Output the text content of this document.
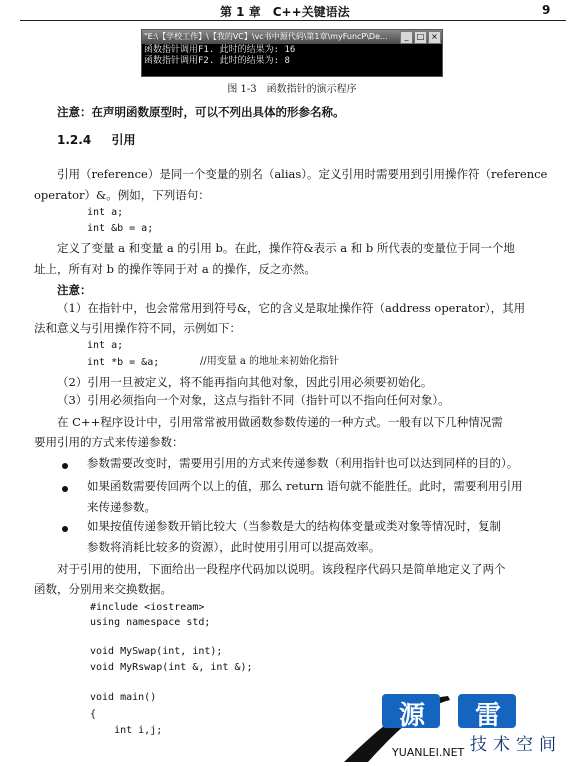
第 1 章　C++关键语法	9
"E:\【学校工作】\【我的VC】\vc书中源代码\第1章\myFuncP\De...	_	□ ×
函数指针调用F1. 此时的结果为: 16
函数指针调用F2. 此时的结果为: 8
图 1-3　函数指针的演示程序
注意：在声明函数原型时，可以不列出具体的形参名称。
1.2.4 引用
引用（reference）是同一个变量的别名（alias）。定义引用时需要用到引用操作符（reference
operator）&。例如，下列语句：
int a;
int &b = a;
定义了变量 a 和变量 a 的引用 b。在此，操作符&表示 a 和 b 所代表的变量位于同一个地
址上，所有对 b 的操作等同于对 a 的操作，反之亦然。
注意：
（1）在指针中，也会常常用到符号&，它的含义是取址操作符（address operator），其用
法和意义与引用操作符不同，示例如下：
int a;
int *b = &a;	//用变量 a 的地址来初始化指针
（2）引用一旦被定义，将不能再指向其他对象，因此引用必须要初始化。
（3）引用必须指向一个对象，这点与指针不同（指针可以不指向任何对象）。
在 C++程序设计中，引用常常被用做函数参数传递的一种方式。一般有以下几种情况需
要用引用的方式来传递参数：
参数需要改变时，需要用引用的方式来传递参数（利用指针也可以达到同样的目的）。
如果函数需要传回两个以上的值，那么 return 语句就不能胜任。此时，需要利用引用
来传递参数。
如果按值传递参数开销比较大（当参数是大的结构体变量或类对象等情况时，复制
参数将消耗比较多的资源），此时使用引用可以提高效率。
对于引用的使用，下面给出一段程序代码加以说明。该段程序代码只是简单地定义了两个
函数，分别用来交换数据。
#include <iostream>
using namespace std;
void MySwap(int, int);
void MyRswap(int &, int &);
void main()
{
int i,j;	源	雷
技术空间
YUANLEI.NET
